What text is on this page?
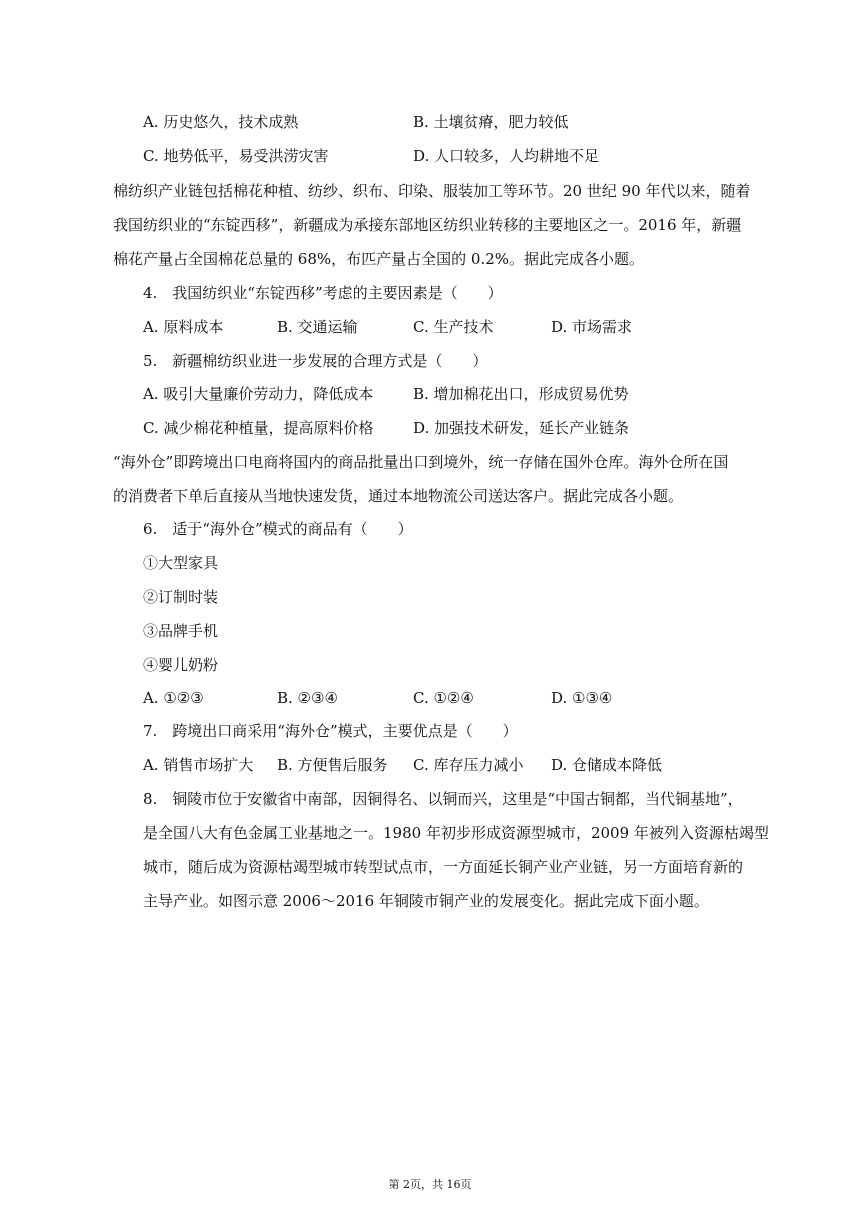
A. 历史悠久，技术成熟	B. 土壤贫瘠，肥力较低
C. 地势低平，易受洪涝灾害	D. 人口较多，人均耕地不足
棉纺织产业链包括棉花种植、纺纱、织布、印染、服装加工等环节。20 世纪 90 年代以来，随着
我国纺织业的“东锭西移”，新疆成为承接东部地区纺织业转移的主要地区之一。2016 年，新疆
棉花产量占全国棉花总量的 68%，布匹产量占全国的 0.2%。据此完成各小题。
4.　我国纺织业“东锭西移”考虑的主要因素是（　　）
A. 原料成本	B. 交通运输	C. 生产技术	D. 市场需求
5.　新疆棉纺织业进一步发展的合理方式是（　　）
A. 吸引大量廉价劳动力，降低成本	B. 增加棉花出口，形成贸易优势
C. 减少棉花种植量，提高原料价格	D. 加强技术研发，延长产业链条
“海外仓”即跨境出口电商将国内的商品批量出口到境外，统一存储在国外仓库。海外仓所在国
的消费者下单后直接从当地快速发货，通过本地物流公司送达客户。据此完成各小题。
6.　适于“海外仓”模式的商品有（　　）
①大型家具
②订制时装
③品牌手机
④婴儿奶粉
A. ①②③	B. ②③④	C. ①②④	D. ①③④
7.　跨境出口商采用“海外仓”模式，主要优点是（　　）
A. 销售市场扩大 B. 方便售后服务 C. 库存压力减小 D. 仓储成本降低
8.　铜陵市位于安徽省中南部，因铜得名、以铜而兴，这里是“中国古铜都，当代铜基地”，
是全国八大有色金属工业基地之一。1980 年初步形成资源型城市，2009 年被列入资源枯竭型
城市，随后成为资源枯竭型城市转型试点市，一方面延长铜产业产业链，另一方面培育新的
主导产业。如图示意 2006～2016 年铜陵市铜产业的发展变化。据此完成下面小题。
第 2页，共 16页
